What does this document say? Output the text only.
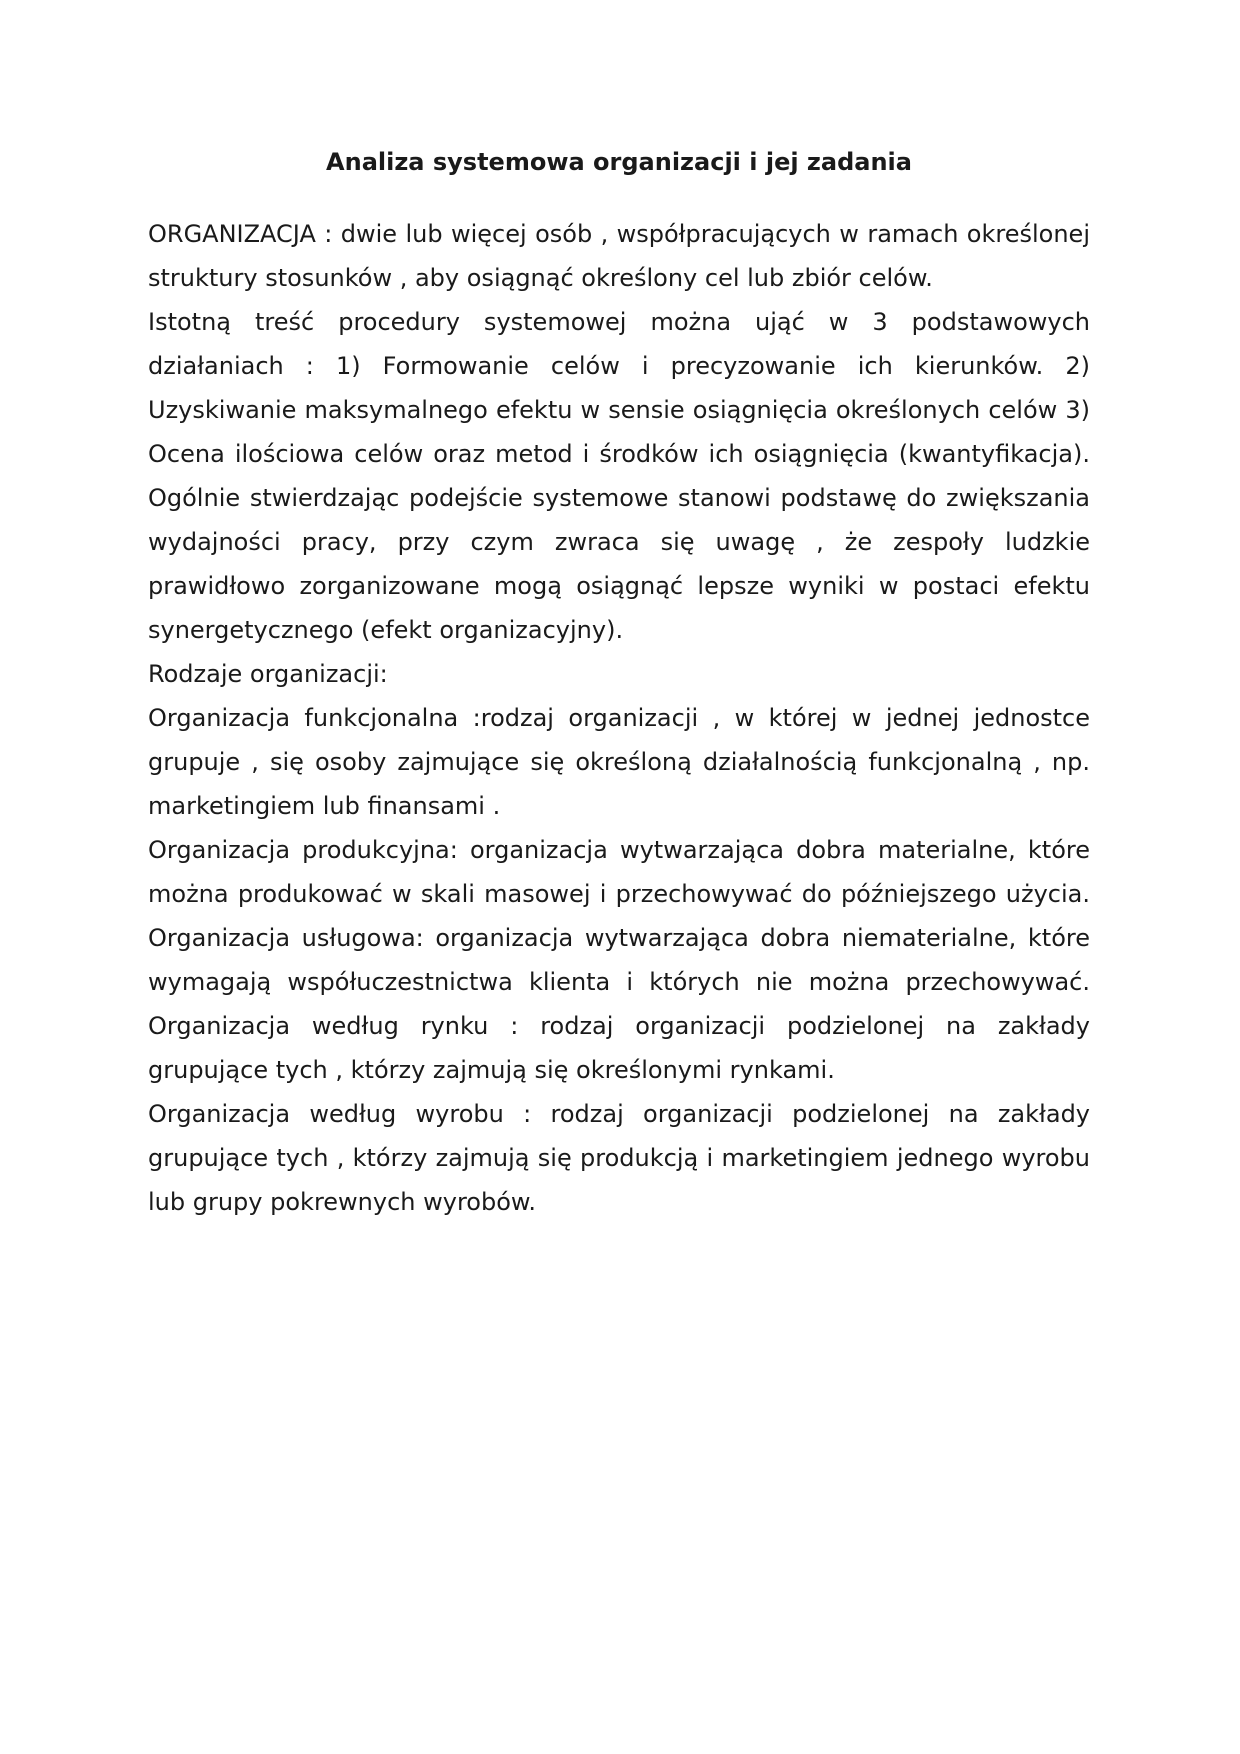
Analiza systemowa organizacji i jej zadania

ORGANIZACJA : dwie lub więcej osób , współpracujących w ramach określonej struktury stosunków , aby osiągnąć określony cel lub zbiór celów.

Istotną treść procedury systemowej można ująć w 3 podstawowych działaniach : 1) Formowanie celów i precyzowanie ich kierunków. 2) Uzyskiwanie maksymalnego efektu w sensie osiągnięcia określonych celów 3) Ocena ilościowa celów oraz metod i środków ich osiągnięcia (kwantyfikacja). Ogólnie stwierdzając podejście systemowe stanowi podstawę do zwiększania wydajności pracy, przy czym zwraca się uwagę , że zespoły ludzkie prawidłowo zorganizowane mogą osiągnąć lepsze wyniki w postaci efektu synergetycznego (efekt organizacyjny).

Rodzaje organizacji:

Organizacja funkcjonalna :rodzaj organizacji , w której w jednej jednostce grupuje , się osoby zajmujące się określoną działalnością funkcjonalną , np. marketingiem lub finansami .

Organizacja produkcyjna: organizacja wytwarzająca dobra materialne, które można produkować w skali masowej i przechowywać do późniejszego użycia. Organizacja usługowa: organizacja wytwarzająca dobra niematerialne, które wymagają współuczestnictwa klienta i których nie można przechowywać. Organizacja według rynku : rodzaj organizacji podzielonej na zakłady grupujące tych , którzy zajmują się określonymi rynkami.

Organizacja według wyrobu : rodzaj organizacji podzielonej na zakłady grupujące tych , którzy zajmują się produkcją i marketingiem jednego wyrobu lub grupy pokrewnych wyrobów.
